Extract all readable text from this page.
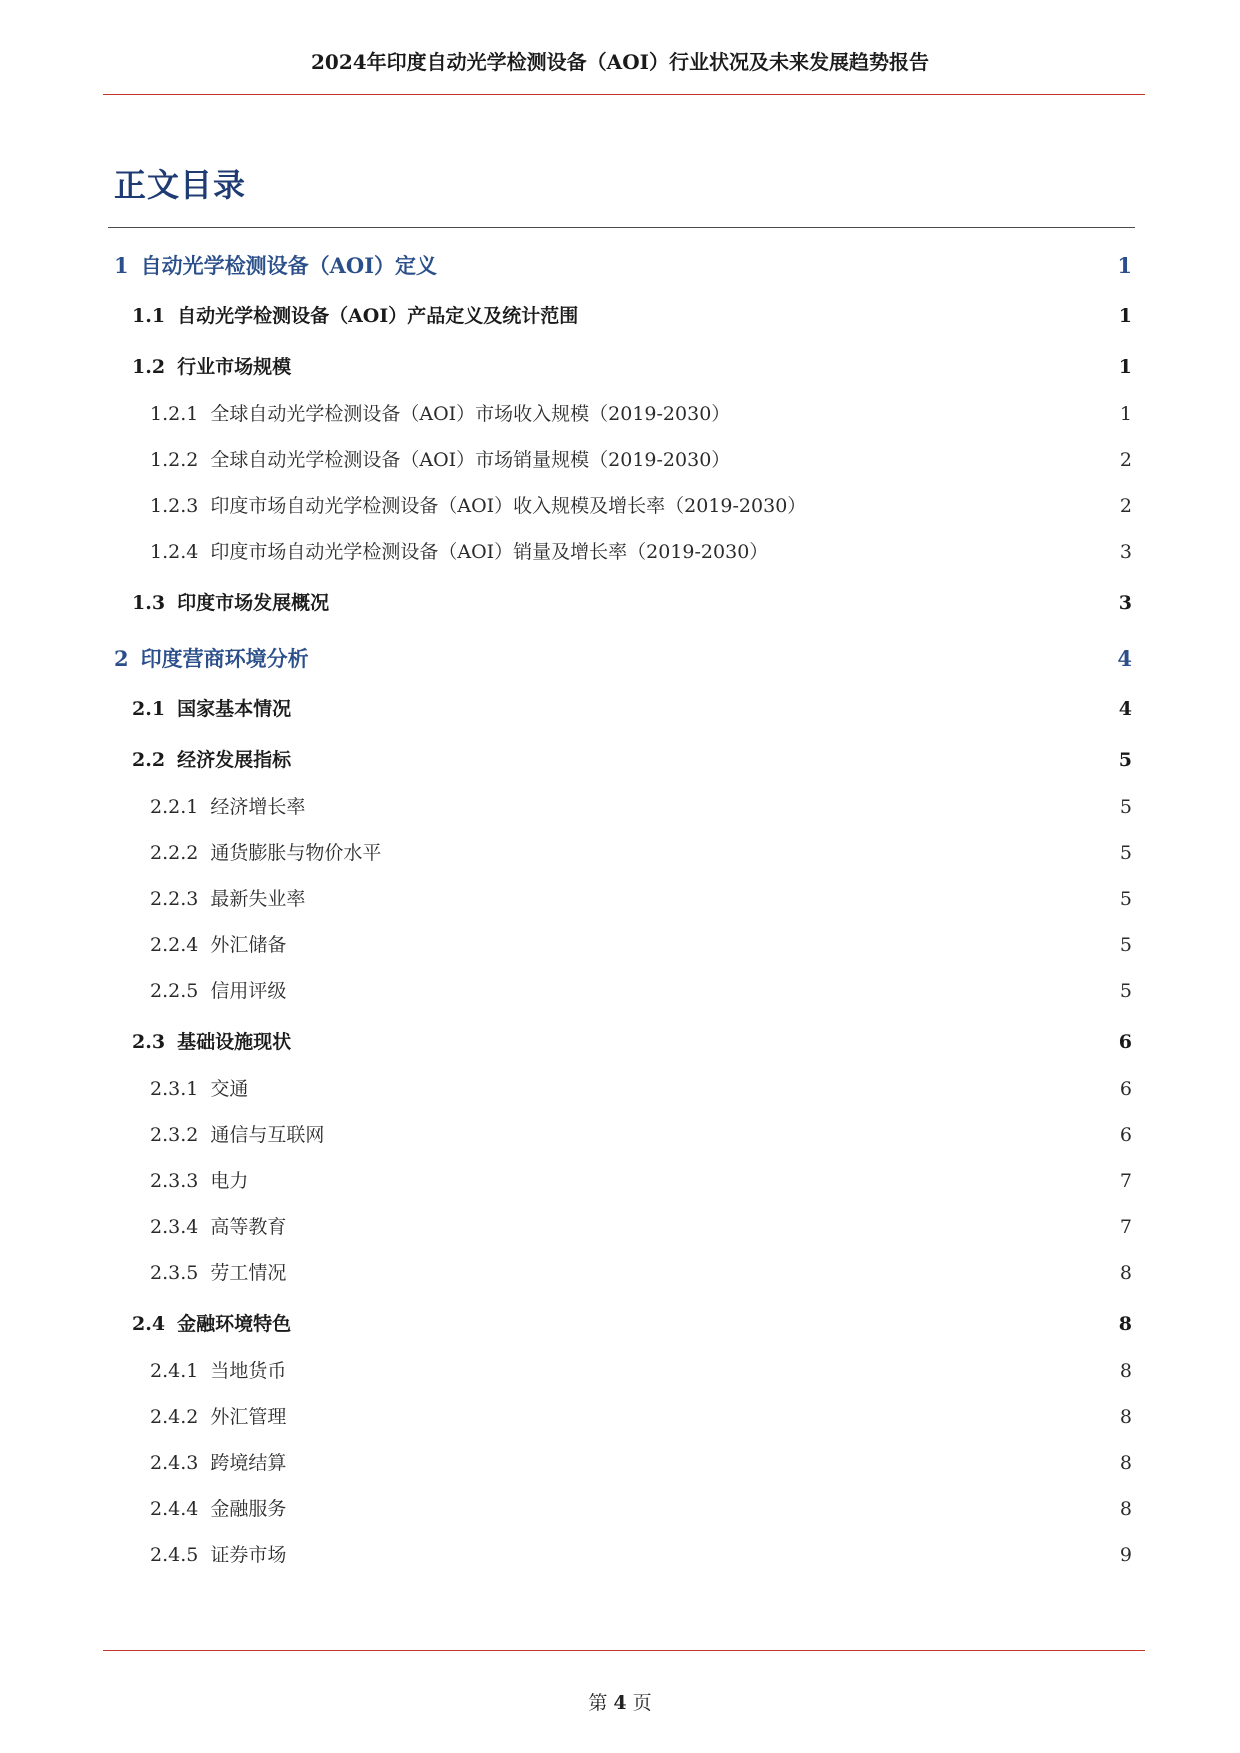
2024年印度自动光学检测设备（AOI）行业状况及未来发展趋势报告
正文目录
1 自动光学检测设备（AOI）定义	1
1.1 自动光学检测设备（AOI）产品定义及统计范围	1
1.2 行业市场规模	1
1.2.1 全球自动光学检测设备（AOI）市场收入规模（2019-2030）	1
1.2.2 全球自动光学检测设备（AOI）市场销量规模（2019-2030）	2
1.2.3 印度市场自动光学检测设备（AOI）收入规模及增长率（2019-2030）	2
1.2.4 印度市场自动光学检测设备（AOI）销量及增长率（2019-2030）	3
1.3 印度市场发展概况	3
2 印度营商环境分析	4
2.1 国家基本情况	4
2.2 经济发展指标	5
2.2.1 经济增长率	5
2.2.2 通货膨胀与物价水平	5
2.2.3 最新失业率	5
2.2.4 外汇储备	5
2.2.5 信用评级	5
2.3 基础设施现状	6
2.3.1 交通	6
2.3.2 通信与互联网	6
2.3.3 电力	7
2.3.4 高等教育	7
2.3.5 劳工情况	8
2.4 金融环境特色	8
2.4.1 当地货币	8
2.4.2 外汇管理	8
2.4.3 跨境结算	8
2.4.4 金融服务	8
2.4.5 证券市场	9
第 4 页
